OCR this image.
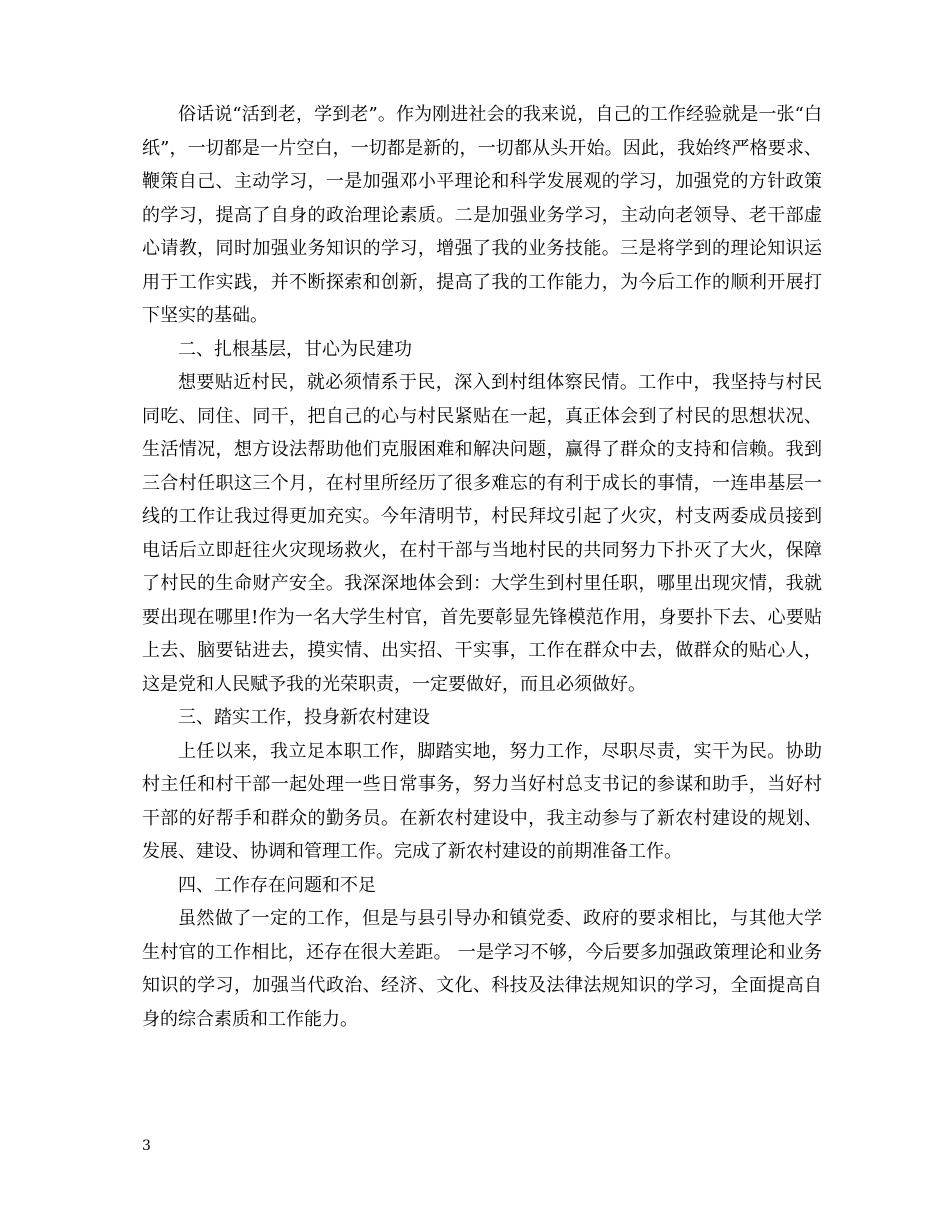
俗话说“活到老，学到老”。作为刚进社会的我来说，自己的工作经验就是一张“白纸”，一切都是一片空白，一切都是新的，一切都从头开始。因此，我始终严格要求、鞭策自己、主动学习，一是加强邓小平理论和科学发展观的学习，加强党的方针政策的学习，提高了自身的政治理论素质。二是加强业务学习，主动向老领导、老干部虚心请教，同时加强业务知识的学习，增强了我的业务技能。三是将学到的理论知识运用于工作实践，并不断探索和创新，提高了我的工作能力，为今后工作的顺利开展打下坚实的基础。

二、扎根基层，甘心为民建功

想要贴近村民，就必须情系于民，深入到村组体察民情。工作中，我坚持与村民同吃、同住、同干，把自己的心与村民紧贴在一起，真正体会到了村民的思想状况、生活情况，想方设法帮助他们克服困难和解决问题，赢得了群众的支持和信赖。我到三合村任职这三个月，在村里所经历了很多难忘的有利于成长的事情，一连串基层一线的工作让我过得更加充实。今年清明节，村民拜坟引起了火灾，村支两委成员接到电话后立即赶往火灾现场救火，在村干部与当地村民的共同努力下扑灭了大火，保障了村民的生命财产安全。我深深地体会到：大学生到村里任职，哪里出现灾情，我就要出现在哪里!作为一名大学生村官，首先要彰显先锋模范作用，身要扑下去、心要贴上去、脑要钻进去，摸实情、出实招、干实事，工作在群众中去，做群众的贴心人，这是党和人民赋予我的光荣职责，一定要做好，而且必须做好。

三、踏实工作，投身新农村建设

上任以来，我立足本职工作，脚踏实地，努力工作，尽职尽责，实干为民。协助村主任和村干部一起处理一些日常事务，努力当好村总支书记的参谋和助手，当好村干部的好帮手和群众的勤务员。在新农村建设中，我主动参与了新农村建设的规划、发展、建设、协调和管理工作。完成了新农村建设的前期准备工作。

四、工作存在问题和不足

虽然做了一定的工作，但是与县引导办和镇党委、政府的要求相比，与其他大学生村官的工作相比，还存在很大差距。 一是学习不够，今后要多加强政策理论和业务知识的学习，加强当代政治、经济、文化、科技及法律法规知识的学习，全面提高自身的综合素质和工作能力。

3
